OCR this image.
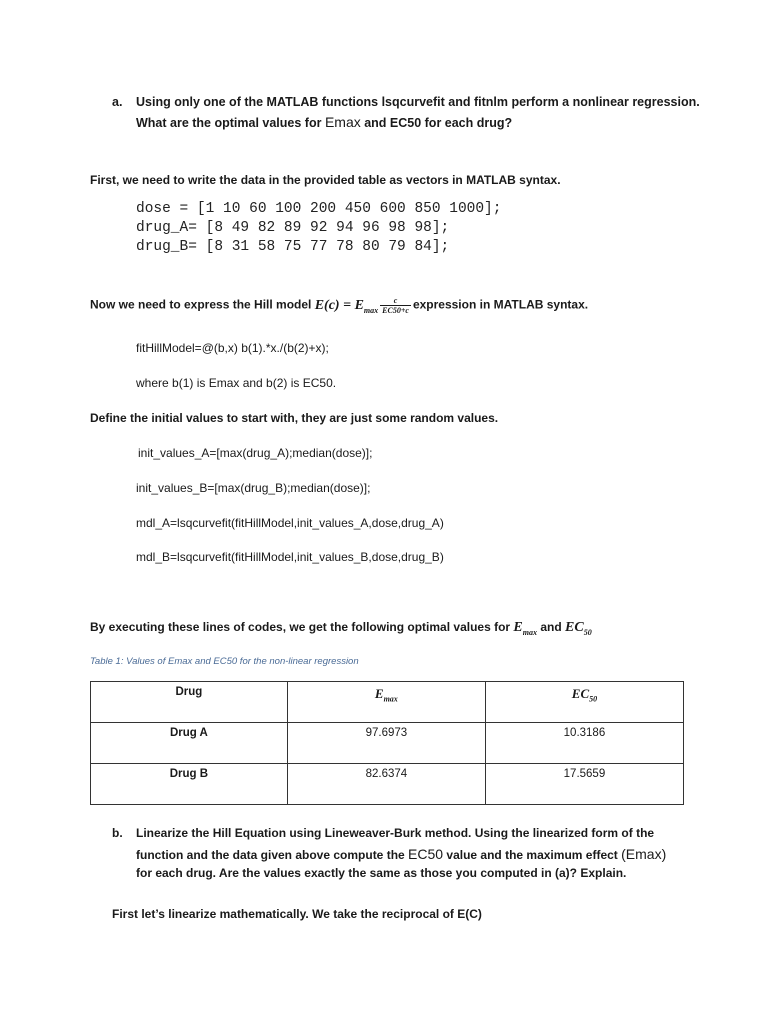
a. Using only one of the MATLAB functions lsqcurvefit and fitnlm perform a nonlinear regression.
What are the optimal values for Emax and EC50 for each drug?
First, we need to write the data in the provided table as vectors in MATLAB syntax.
dose = [1 10 60 100 200 450 600 850 1000];
drug_A= [8 49 82 89 92 94 96 98 98];
drug_B= [8 31 58 75 77 78 80 79 84];
Now we need to express the Hill model $E(c) = E_{max} \frac{c}{EC50+c}$ expression in MATLAB syntax.
fitHillModel=@(b,x) b(1).*x./(b(2)+x);
where b(1) is Emax and b(2) is EC50.
Define the initial values to start with, they are just some random values.
init_values_A=[max(drug_A);median(dose)];
init_values_B=[max(drug_B);median(dose)];
mdl_A=lsqcurvefit(fitHillModel,init_values_A,dose,drug_A)
mdl_B=lsqcurvefit(fitHillModel,init_values_B,dose,drug_B)
By executing these lines of codes, we get the following optimal values for $E_{max}$ and $EC_{50}$
Table 1: Values of Emax and EC50 for the non-linear regression
Drug	$E_{max}$	$EC_{50}$
Drug A	97.6973	10.3186
Drug B	82.6374	17.5659
b. Linearize the Hill Equation using Lineweaver-Burk method. Using the linearized form of the
function and the data given above compute the EC50 value and the maximum effect (Emax)
for each drug. Are the values exactly the same as those you computed in (a)? Explain.
First let’s linearize mathematically. We take the reciprocal of E(C)
